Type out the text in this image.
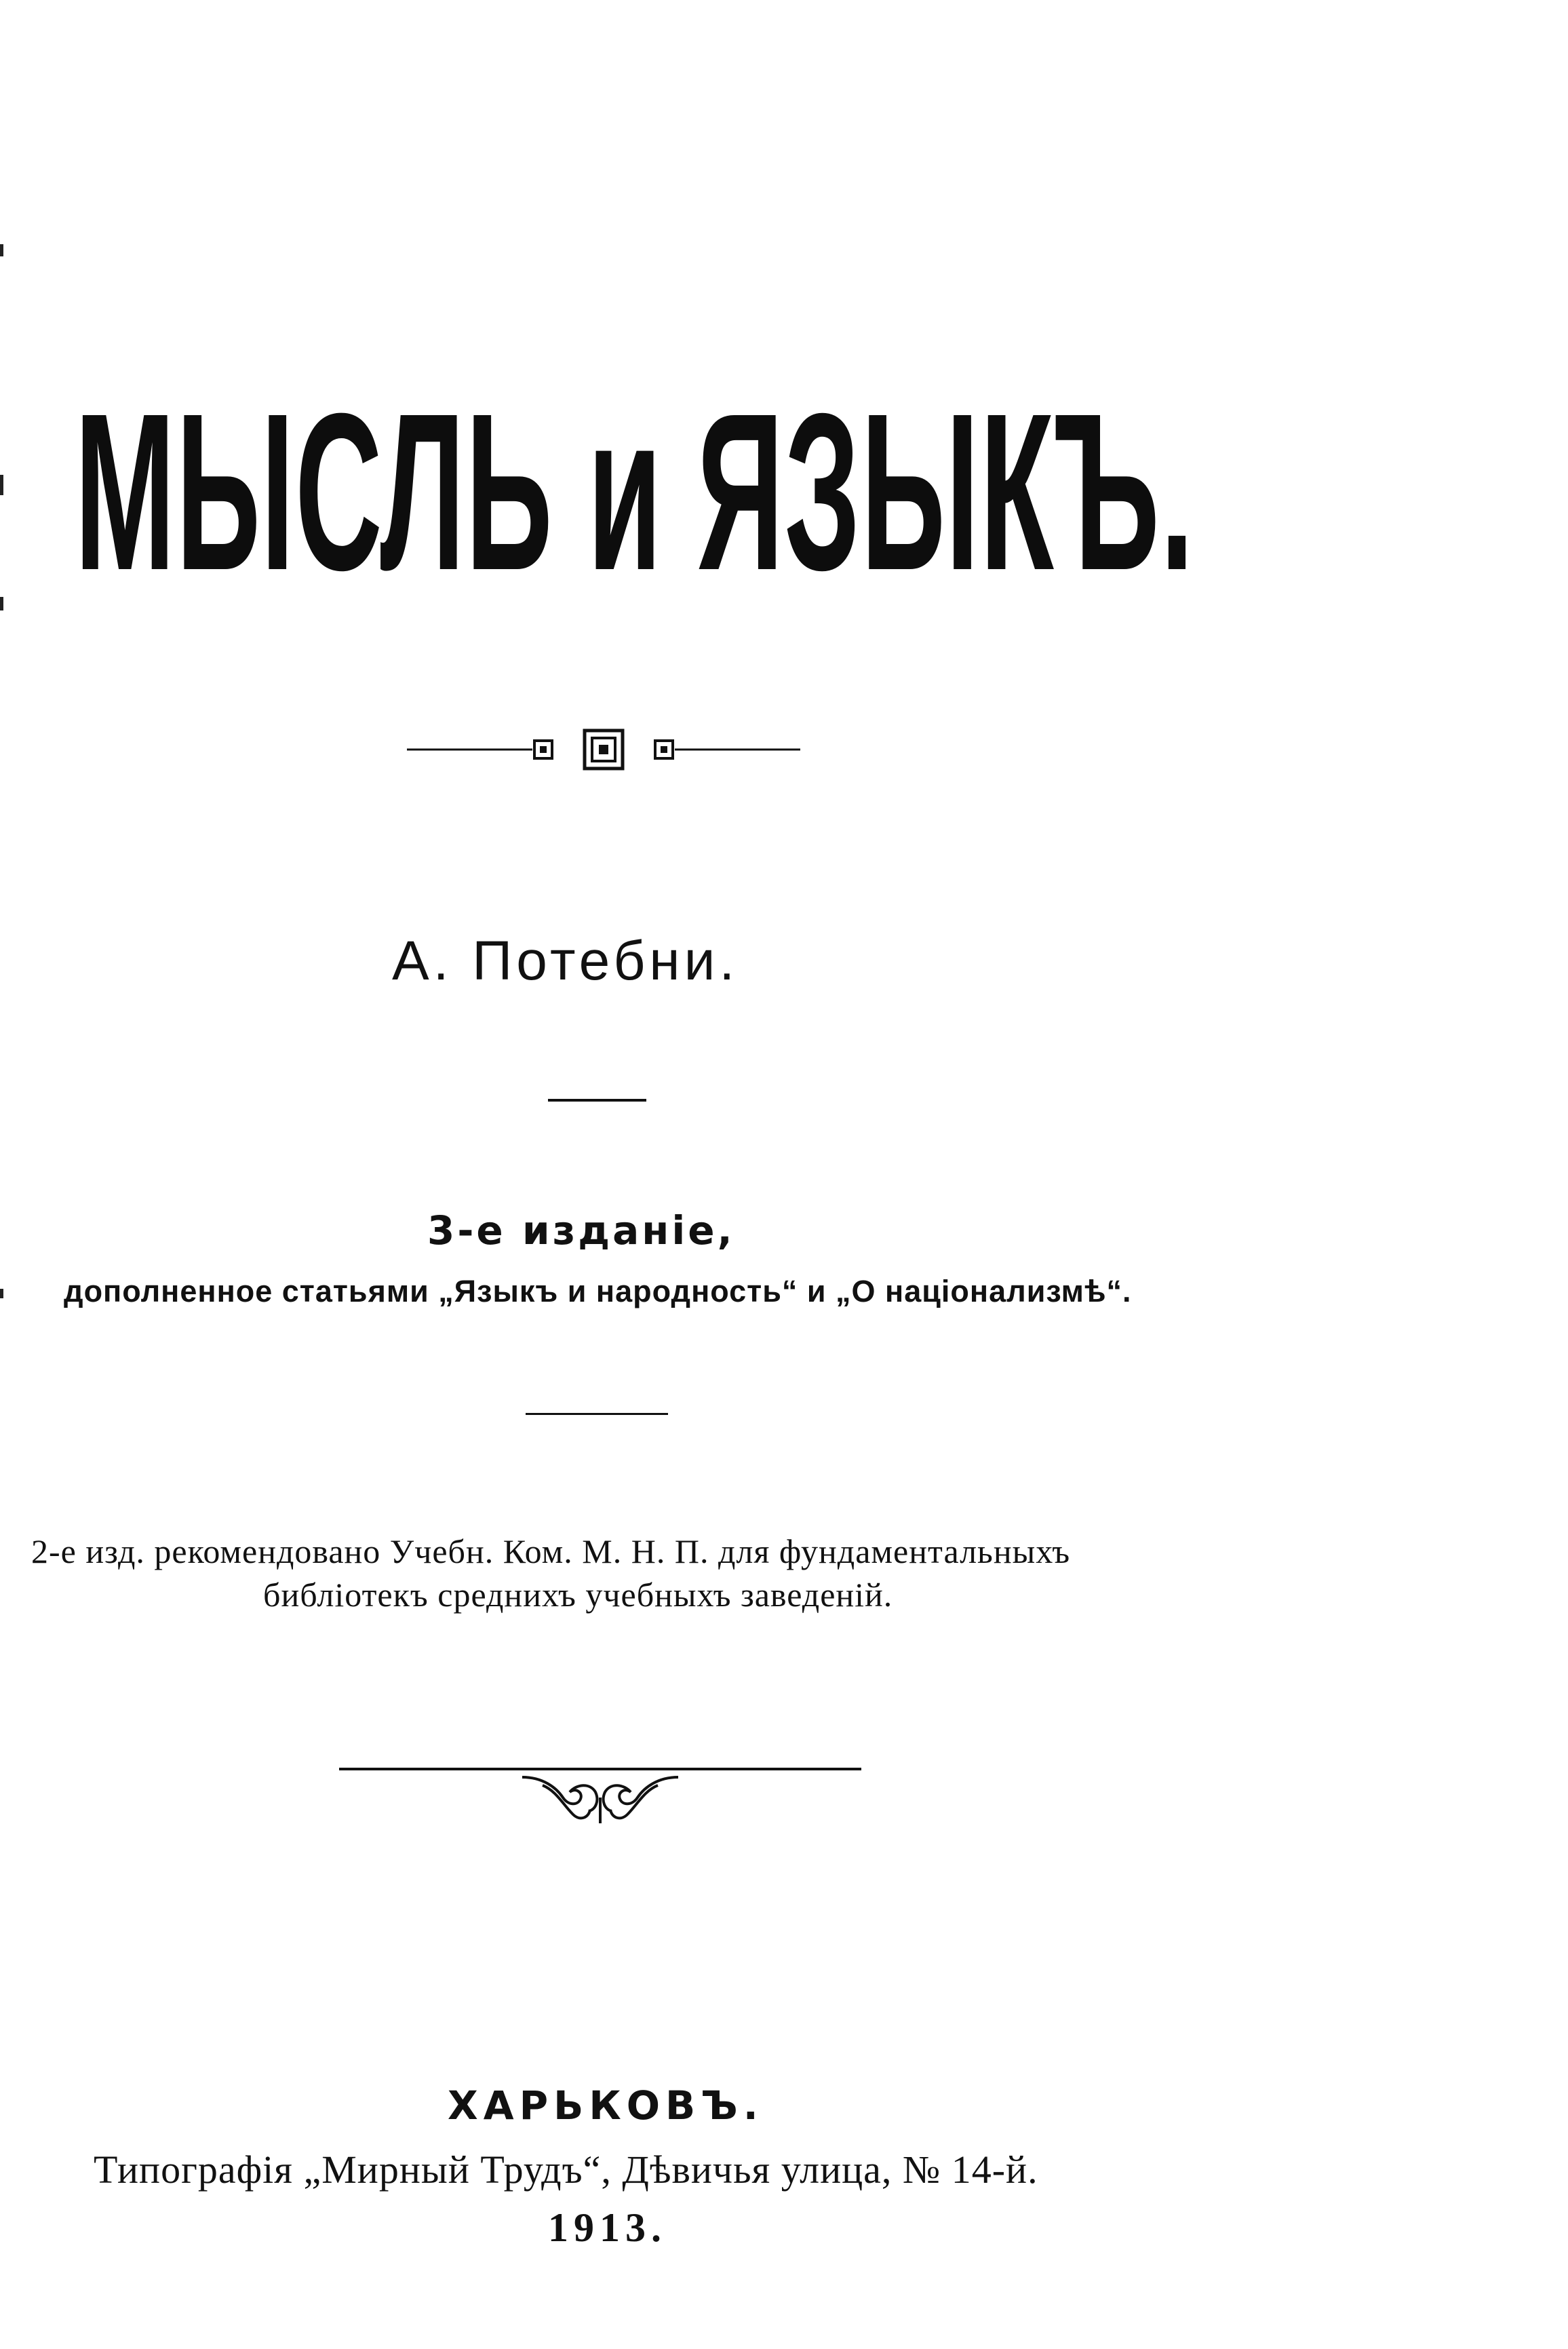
МЫСЛЬ и ЯЗЫКЪ.
А. Потебни.
3-е изданіе,
дополненное статьями „Языкъ и народность“ и „О націонализмѣ“.
2-е изд. рекомендовано Учебн. Ком. М. Н. П. для фундаментальныхъ
библіотекъ среднихъ учебныхъ заведеній.
ХАРЬКОВЪ.
Типографія „Мирный Трудъ“, Дѣвичья улица, № 14-й.
1913.
